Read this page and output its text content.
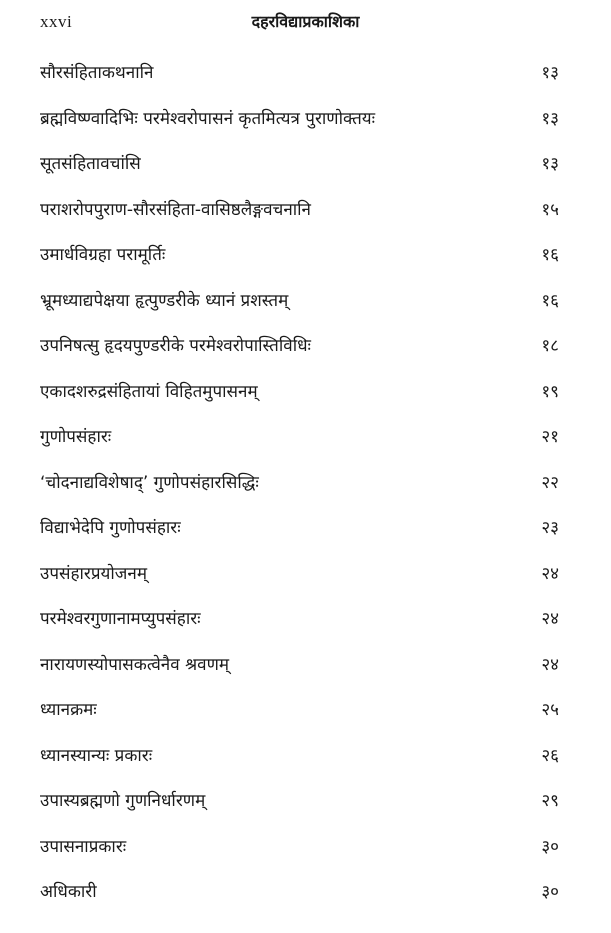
xxvi	दहरविद्याप्रकाशिका
सौरसंहिताकथनानि	१३
ब्रह्मविष्ण्वादिभिः परमेश्वरोपासनं कृतमित्यत्र पुराणोक्तयः	१३
सूतसंहितावचांसि	१३
पराशरोपपुराण-सौरसंहिता-वासिष्ठलैङ्गवचनानि	१५
उमार्धविग्रहा परामूर्तिः	१६
भ्रूमध्याद्यपेक्षया हृत्पुण्डरीके ध्यानं प्रशस्तम्	१६
उपनिषत्सु हृदयपुण्डरीके परमेश्वरोपास्तिविधिः	१८
एकादशरुद्रसंहितायां विहितमुपासनम्	१९
गुणोपसंहारः	२१
‘चोदनाद्यविशेषाद्’ गुणोपसंहारसिद्धिः	२२
विद्याभेदेपि गुणोपसंहारः	२३
उपसंहारप्रयोजनम्	२४
परमेश्वरगुणानामप्युपसंहारः	२४
नारायणस्योपासकत्वेनैव श्रवणम्	२४
ध्यानक्रमः	२५
ध्यानस्यान्यः प्रकारः	२६
उपास्यब्रह्मणो गुणनिर्धारणम्	२९
उपासनाप्रकारः	३०
अधिकारी	३०
